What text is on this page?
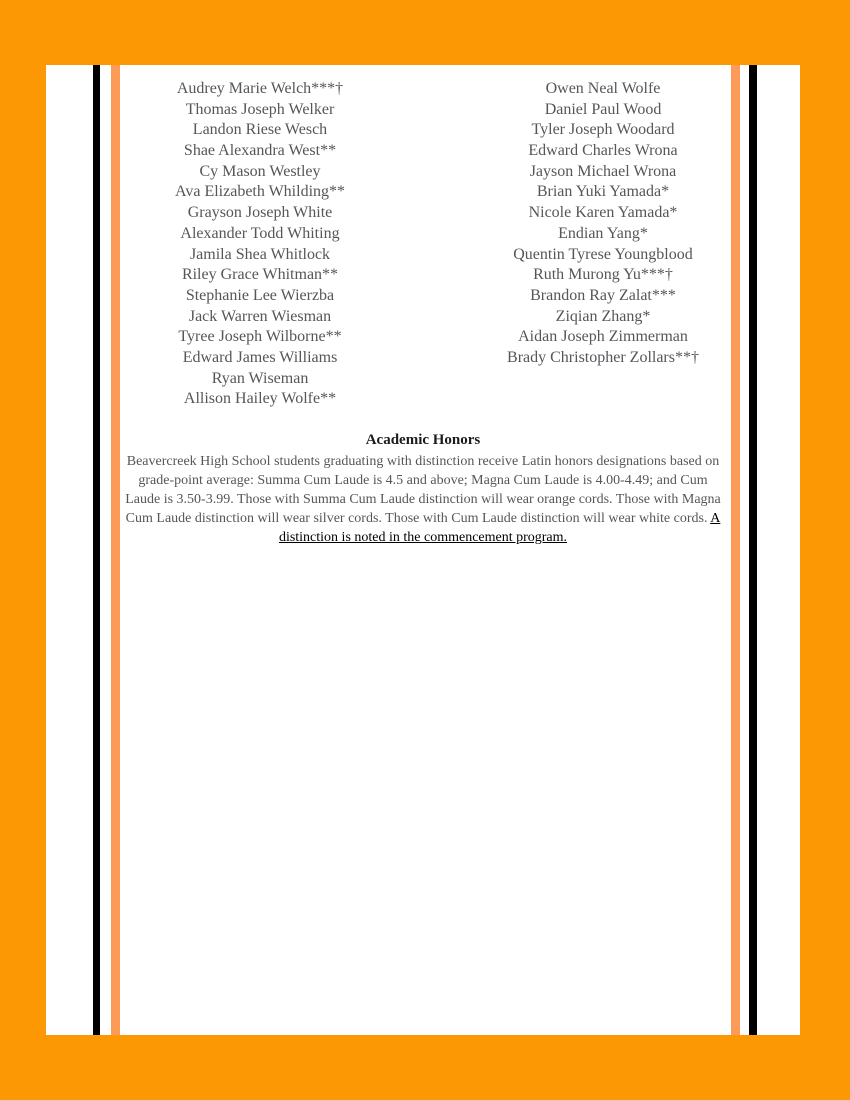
Audrey Marie Welch***†
Thomas Joseph Welker
Landon Riese Wesch
Shae Alexandra West**
Cy Mason Westley
Ava Elizabeth Whilding**
Grayson Joseph White
Alexander Todd Whiting
Jamila Shea Whitlock
Riley Grace Whitman**
Stephanie Lee Wierzba
Jack Warren Wiesman
Tyree Joseph Wilborne**
Edward James Williams
Ryan Wiseman
Allison Hailey Wolfe**
Owen Neal Wolfe
Daniel Paul Wood
Tyler Joseph Woodard
Edward Charles Wrona
Jayson Michael Wrona
Brian Yuki Yamada*
Nicole Karen Yamada*
Endian Yang*
Quentin Tyrese Youngblood
Ruth Murong Yu***†
Brandon Ray Zalat***
Ziqian Zhang*
Aidan Joseph Zimmerman
Brady Christopher Zollars**†
Academic Honors

Beavercreek High School students graduating with distinction receive Latin honors designations based on grade-point average: Summa Cum Laude is 4.5 and above; Magna Cum Laude is 4.00-4.49; and Cum Laude is 3.50-3.99. Those with Summa Cum Laude distinction will wear orange cords. Those with Magna Cum Laude distinction will wear silver cords. Those with Cum Laude distinction will wear white cords. A distinction is noted in the commencement program.
